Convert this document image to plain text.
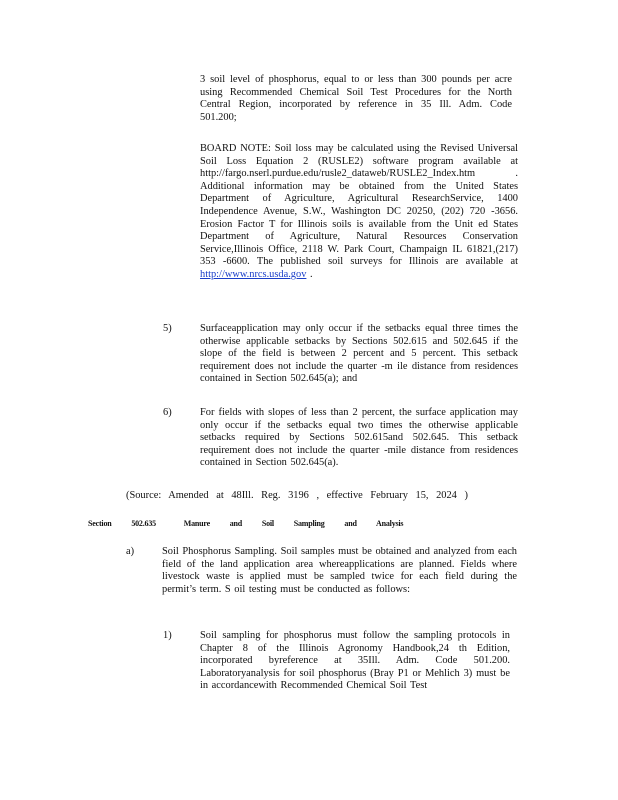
3 soil level of phosphorus, equal to or less than 300 pounds per acre using Recommended Chemical Soil Test Procedures for the North Central Region, incorporated by reference in 35 Ill. Adm. Code 501.200;

BOARD NOTE: Soil loss may be calculated using the Revised Universal Soil Loss Equation 2 (RUSLE2) software program available at http://fargo.nserl.purdue.edu/rusle2_dataweb/RUSLE2_Index.htm . Additional information may be obtained from the United States Department of Agriculture, Agricultural ResearchService, 1400 Independence Avenue, S.W., Washington DC 20250, (202) 720 -3656. Erosion Factor T for Illinois soils is available from the Unit ed States Department of Agriculture, Natural Resources Conservation Service,Illinois Office, 2118 W. Park Court, Champaign IL 61821,(217) 353 -6600. The published soil surveys for Illinois are available at http://www.nrcs.usda.gov .

5)	Surfaceapplication may only occur if the setbacks equal three times the otherwise applicable setbacks by Sections 502.615 and 502.645 if the slope of the field is between 2 percent and 5 percent. This setback requirement does not include the quarter -m ile distance from residences contained in Section 502.645(a); and

6)	For fields with slopes of less than 2 percent, the surface application may only occur if the setbacks equal two times the otherwise applicable setbacks required by Sections 502.615and 502.645. This setback requirement does not include the quarter -mile distance from residences contained in Section 502.645(a).

(Source: Amended at 48Ill. Reg. 3196 , effective February 15, 2024 )

Section 502.635	Manure and Soil Sampling and Analysis
a)	Soil Phosphorus Sampling. Soil samples must be obtained and analyzed from each field of the land application area whereapplications are planned. Fields where livestock waste is applied must be sampled twice for each field during the permit’s term. S oil testing must be conducted as follows:

1)	Soil sampling for phosphorus must follow the sampling protocols in Chapter 8 of the Illinois Agronomy Handbook,24 th Edition, incorporated byreference at 35Ill. Adm. Code 501.200. Laboratoryanalysis for soil phosphorus (Bray P1 or Mehlich 3) must be in accordancewith Recommended Chemical Soil Test
